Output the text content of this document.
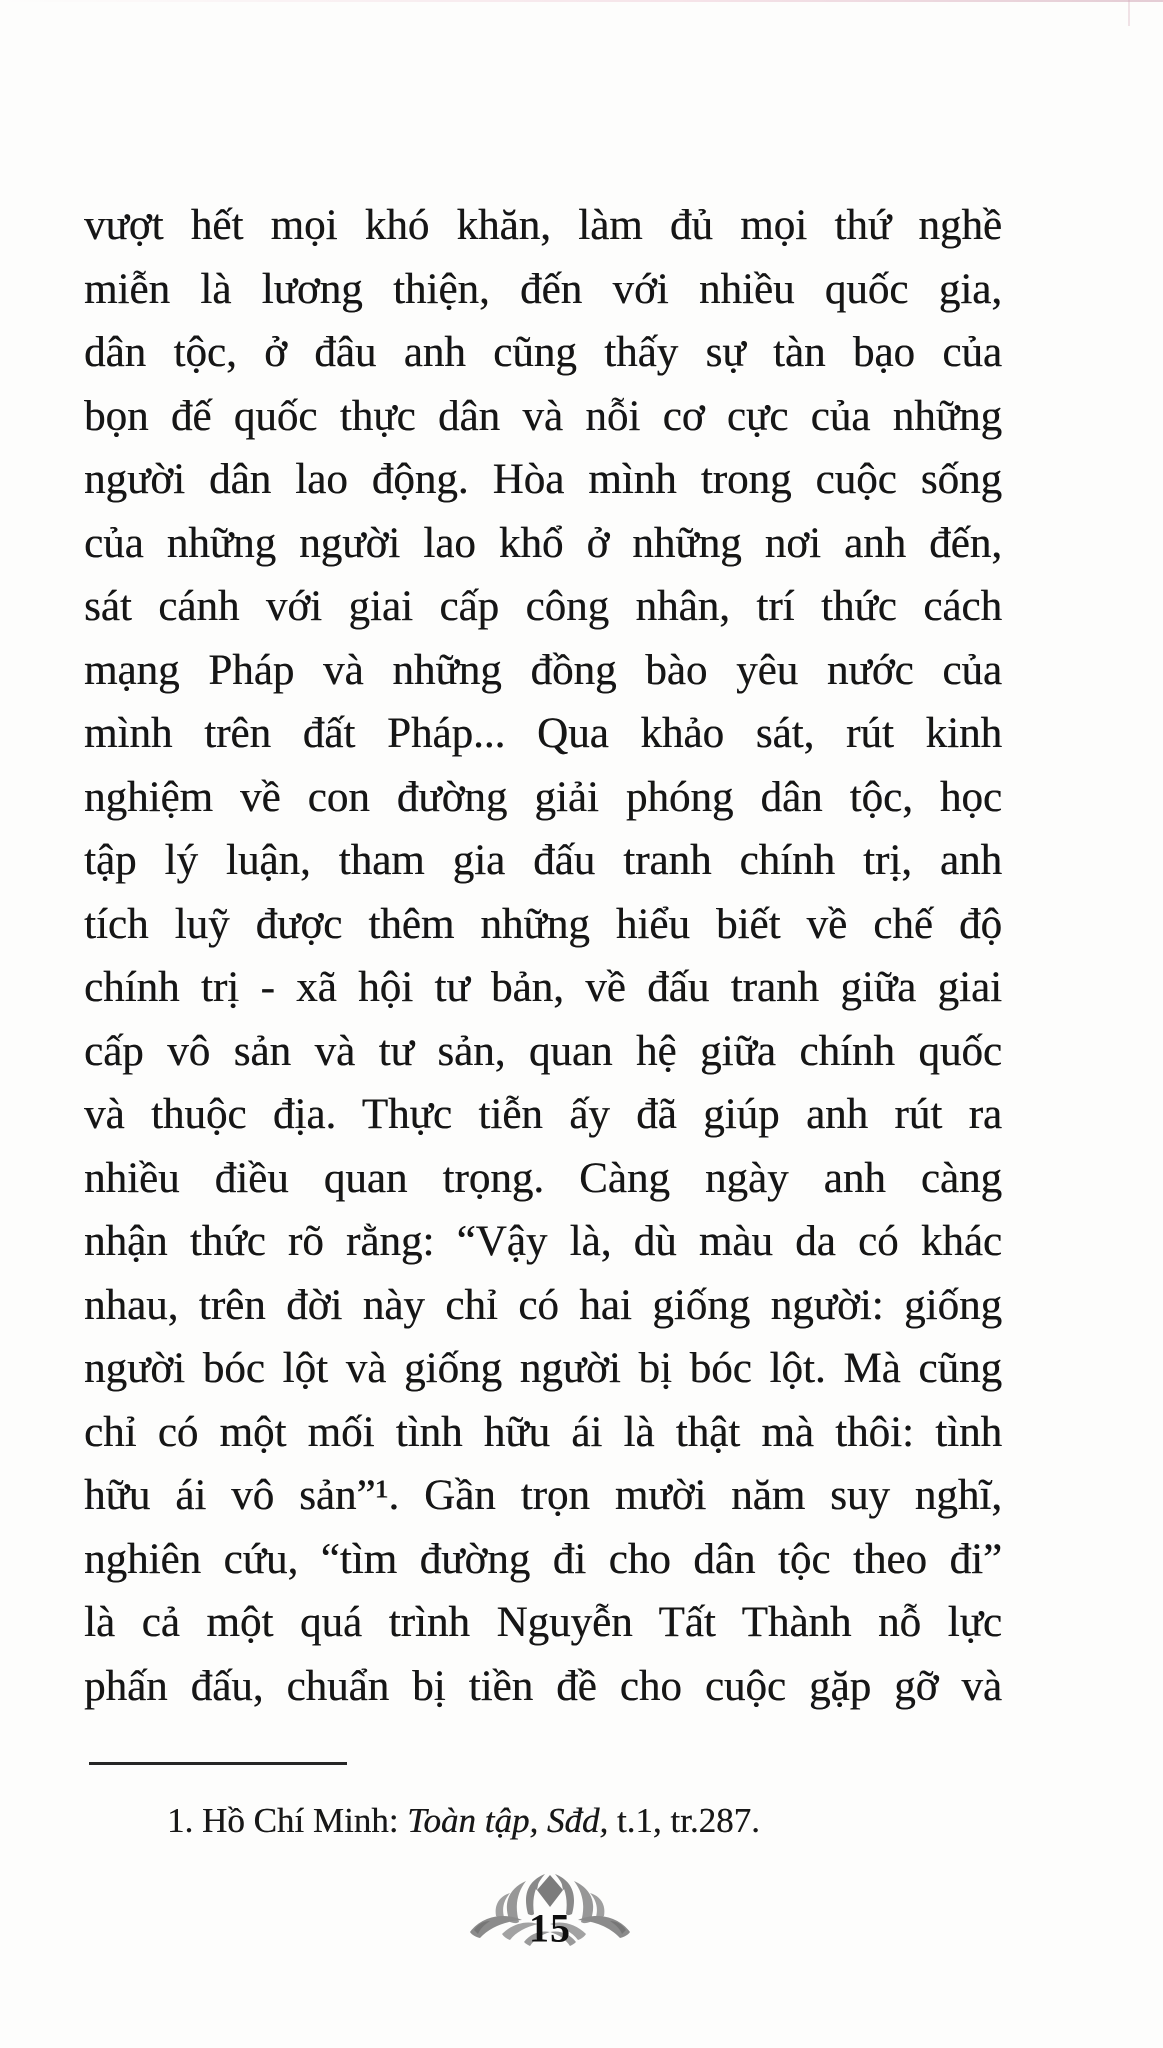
vượt hết mọi khó khăn, làm đủ mọi thứ nghề
miễn là lương thiện, đến với nhiều quốc gia,
dân tộc, ở đâu anh cũng thấy sự tàn bạo của
bọn đế quốc thực dân và nỗi cơ cực của những
người dân lao động. Hòa mình trong cuộc sống
của những người lao khổ ở những nơi anh đến,
sát cánh với giai cấp công nhân, trí thức cách
mạng Pháp và những đồng bào yêu nước của
mình trên đất Pháp... Qua khảo sát, rút kinh
nghiệm về con đường giải phóng dân tộc, học
tập lý luận, tham gia đấu tranh chính trị, anh
tích luỹ được thêm những hiểu biết về chế độ
chính trị - xã hội tư bản, về đấu tranh giữa giai
cấp vô sản và tư sản, quan hệ giữa chính quốc
và thuộc địa. Thực tiễn ấy đã giúp anh rút ra
nhiều điều quan trọng. Càng ngày anh càng
nhận thức rõ rằng: “Vậy là, dù màu da có khác
nhau, trên đời này chỉ có hai giống người: giống
người bóc lột và giống người bị bóc lột. Mà cũng
chỉ có một mối tình hữu ái là thật mà thôi: tình
hữu ái vô sản”¹. Gần trọn mười năm suy nghĩ,
nghiên cứu, “tìm đường đi cho dân tộc theo đi”
là cả một quá trình Nguyễn Tất Thành nỗ lực
phấn đấu, chuẩn bị tiền đề cho cuộc gặp gỡ và
1. Hồ Chí Minh: Toàn tập, Sđd, t.1, tr.287.
15
